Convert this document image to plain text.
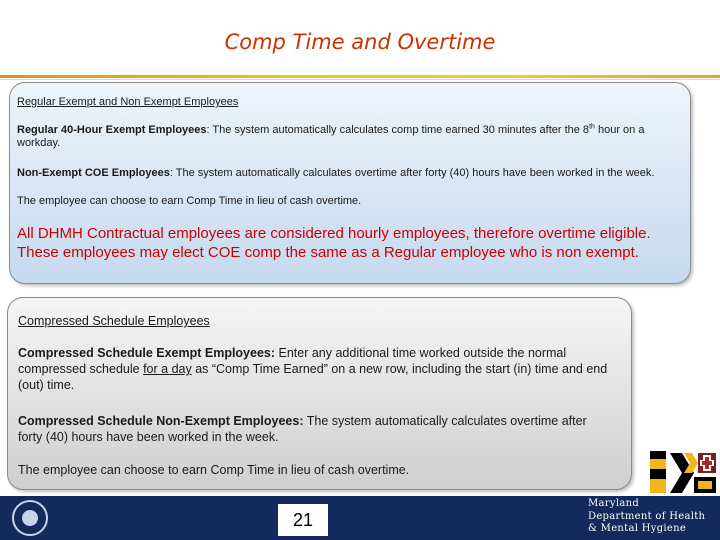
Comp Time and Overtime
Regular Exempt and Non Exempt Employees
Regular 40-Hour Exempt Employees: The system automatically calculates comp time earned 30 minutes after the 8th hour on a workday.
Non-Exempt COE Employees: The system automatically calculates overtime after forty (40) hours have been worked in the week.
The employee can choose to earn Comp Time in lieu of cash overtime.
All DHMH Contractual employees are considered hourly employees, therefore overtime eligible. These employees may elect COE comp the same as a Regular employee who is non exempt.
Compressed Schedule Employees
Compressed Schedule Exempt Employees: Enter any additional time worked outside the normal compressed schedule for a day as “Comp Time Earned” on a new row, including the start (in) time and end (out) time.
Compressed Schedule Non-Exempt Employees: The system automatically calculates overtime after forty (40) hours have been worked in the week.
The employee can choose to earn Comp Time in lieu of cash overtime.
21
Maryland
Department of Health
& Mental Hygiene
